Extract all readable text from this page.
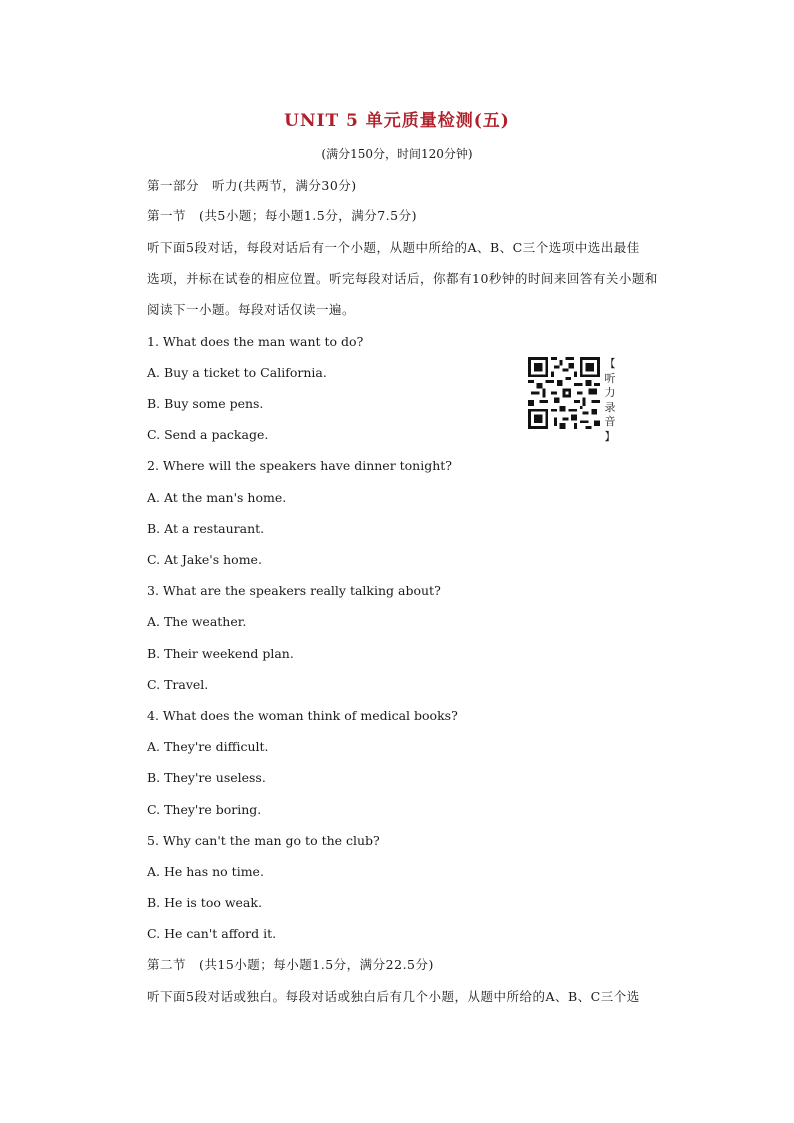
UNIT 5 单元质量检测(五)
(满分150分，时间120分钟)
第一部分　听力(共两节，满分30分)
第一节　(共5小题；每小题1.5分，满分7.5分)
听下面5段对话，每段对话后有一个小题，从题中所给的A、B、C三个选项中选出最佳
选项，并标在试卷的相应位置。听完每段对话后，你都有10秒钟的时间来回答有关小题和
阅读下一小题。每段对话仅读一遍。
【
听
力
录
音
】
1. What does the man want to do?
A. Buy a ticket to California.
B. Buy some pens.
C. Send a package.
2. Where will the speakers have dinner tonight?
A. At the man's home.
B. At a restaurant.
C. At Jake's home.
3. What are the speakers really talking about?
A. The weather.
B. Their weekend plan.
C. Travel.
4. What does the woman think of medical books?
A. They're difficult.
B. They're useless.
C. They're boring.
5. Why can't the man go to the club?
A. He has no time.
B. He is too weak.
C. He can't afford it.
第二节　(共15小题；每小题1.5分，满分22.5分)
听下面5段对话或独白。每段对话或独白后有几个小题，从题中所给的A、B、C三个选
